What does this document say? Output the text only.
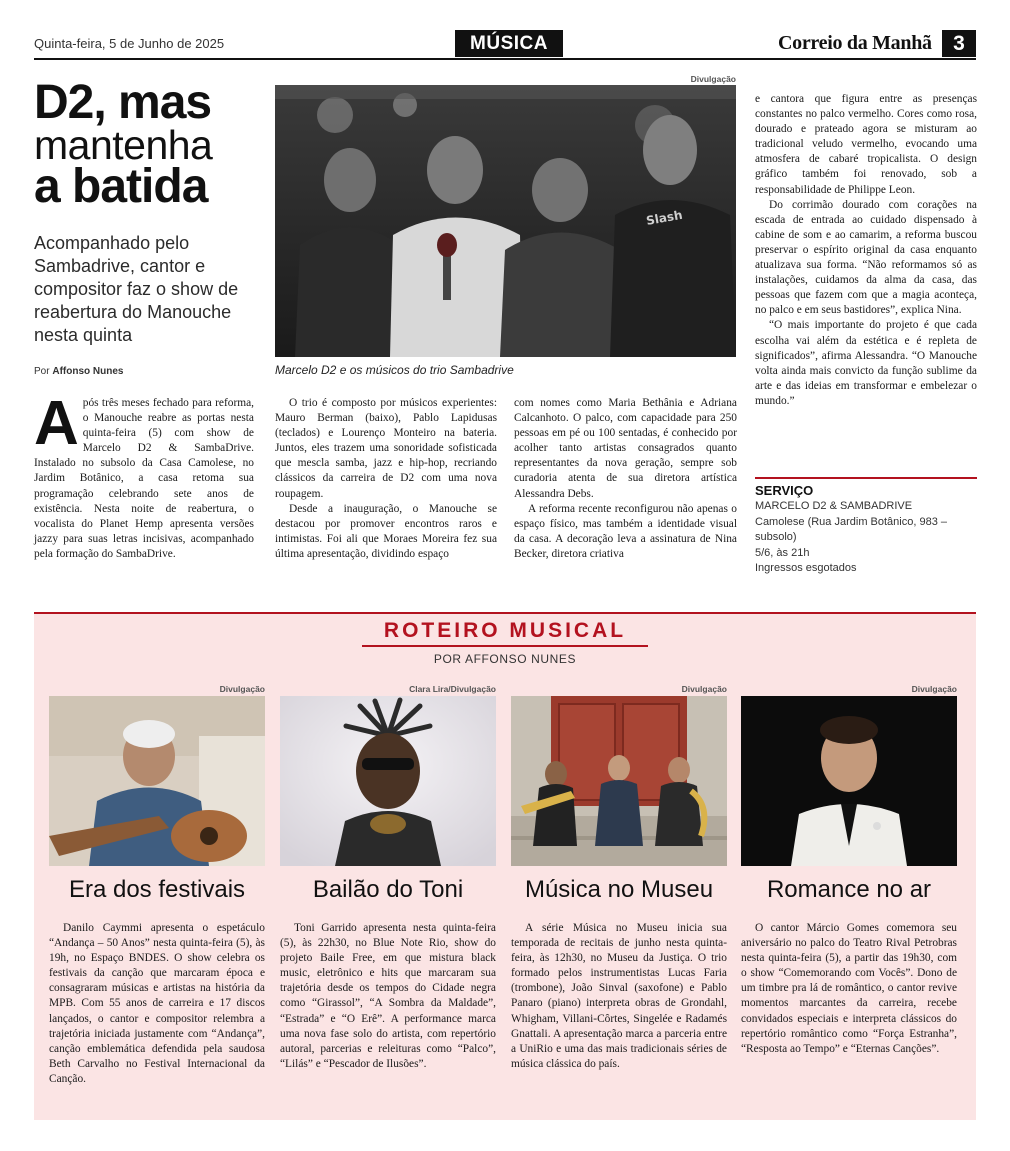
Quinta-feira, 5 de Junho de 2025	MÚSICA	Correio da Manhã	3
D2, mas
mantenha
a batida
Acompanhado pelo Sambadrive, cantor e compositor faz o show de reabertura do Manouche nesta quinta
Por Affonso Nunes
Divulgação
Slash
Marcelo D2 e os músicos do trio Sambadrive

Após três meses fechado para reforma, o Manouche reabre as portas nesta quinta-feira (5) com show de Marcelo D2 & SambaDrive. Instalado no subsolo da Casa Camolese, no Jardim Botânico, a casa retoma sua programação celebrando sete anos de existência. Nesta noite de reabertura, o vocalista do Planet Hemp apresenta versões jazzy para suas letras incisivas, acompanhado pela formação do SambaDrive.

O trio é composto por músicos experientes: Mauro Berman (baixo), Pablo Lapidusas (teclados) e Lourenço Monteiro na bateria. Juntos, eles trazem uma sonoridade sofisticada que mescla samba, jazz e hip-hop, recriando clássicos da carreira de D2 com uma nova roupagem.

Desde a inauguração, o Manouche se destacou por promover encontros raros e intimistas. Foi ali que Moraes Moreira fez sua última apresentação, dividindo espaço

com nomes como Maria Bethânia e Adriana Calcanhoto. O palco, com capacidade para 250 pessoas em pé ou 100 sentadas, é conhecido por acolher tanto artistas consagrados quanto representantes da nova geração, sempre sob curadoria atenta de sua diretora artística Alessandra Debs.

A reforma recente reconfigurou não apenas o espaço físico, mas também a identidade visual da casa. A decoração leva a assinatura de Nina Becker, diretora criativa

e cantora que figura entre as presenças constantes no palco vermelho. Cores como rosa, dourado e prateado agora se misturam ao tradicional veludo vermelho, evocando uma atmosfera de cabaré tropicalista. O design gráfico também foi renovado, sob a responsabilidade de Philippe Leon.

Do corrimão dourado com corações na escada de entrada ao cuidado dispensado à cabine de som e ao camarim, a reforma buscou preservar o espírito original da casa enquanto atualizava sua forma. “Não reformamos só as instalações, cuidamos da alma da casa, das pessoas que fazem com que a magia aconteça, no palco e em seus bastidores”, explica Nina.

“O mais importante do projeto é que cada escolha vai além da estética e é repleta de significados”, afirma Alessandra. “O Manouche volta ainda mais convicto da função sublime da arte e das ideias em transformar e embelezar o mundo.”

SERVIÇO
MARCELO D2 & SAMBADRIVE
Camolese (Rua Jardim Botânico, 983 – subsolo)
5/6, às 21h
Ingressos esgotados
ROTEIRO MUSICAL
POR AFFONSO NUNES
Divulgação
Era dos festivais
Danilo Caymmi apresenta o espetáculo “Andança – 50 Anos” nesta quinta-feira (5), às 19h, no Espaço BNDES. O show celebra os festivais da canção que marcaram época e consagraram músicas e artistas na história da MPB. Com 55 anos de carreira e 17 discos lançados, o cantor e compositor relembra a trajetória iniciada justamente com “Andança”, canção emblemática defendida pela saudosa Beth Carvalho no Festival Internacional da Canção.
Clara Lira/Divulgação
Bailão do Toni
Toni Garrido apresenta nesta quinta-feira (5), às 22h30, no Blue Note Rio, show do projeto Baile Free, em que mistura black music, eletrônico e hits que marcaram sua trajetória desde os tempos do Cidade negra como “Girassol”, “A Sombra da Maldade”, “Estrada” e “O Erê”. A performance marca uma nova fase solo do artista, com repertório autoral, parcerias e releituras como “Palco”, “Lilás” e “Pescador de Ilusões”.
Divulgação
Música no Museu
A série Música no Museu inicia sua temporada de recitais de junho nesta quinta-feira, às 12h30, no Museu da Justiça. O trio formado pelos instrumentistas Lucas Faria (trombone), João Sinval (saxofone) e Pablo Panaro (piano) interpreta obras de Grondahl, Whigham, Villani-Côrtes, Singelée e Radamés Gnattali. A apresentação marca a parceria entre a UniRio e uma das mais tradicionais séries de música clássica do país.
Divulgação
Romance no ar
O cantor Márcio Gomes comemora seu aniversário no palco do Teatro Rival Petrobras nesta quinta-feira (5), a partir das 19h30, com o show “Comemorando com Vocês”. Dono de um timbre pra lá de romântico, o cantor revive momentos marcantes da carreira, recebe convidados especiais e interpreta clássicos do repertório romântico como “Força Estranha”, “Resposta ao Tempo” e “Eternas Canções”.
